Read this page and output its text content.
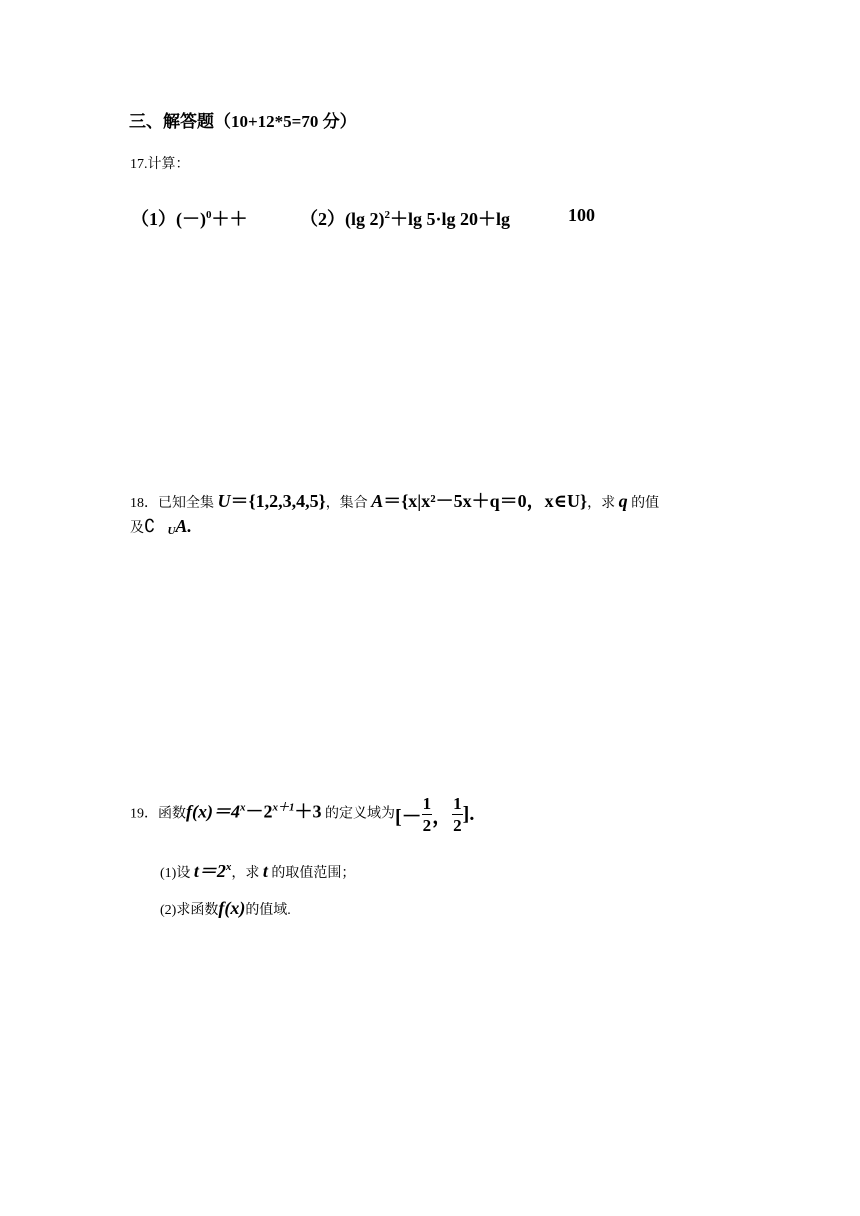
三、解答题（10+12*5=70 分）
17.计算：
$(1)(-)^0++$	（2）(lg 2)$^2$＋lg 5·lg 20＋lg	100
18．已知全集 U＝{1,2,3,4,5}，集合 A＝{x|x²－5x＋q＝0，x∈U}，求 q 的值
及∁ UA.
19．函数$f(x)=4^x-2^{x+1}+3$ 的定义域为[－ $\frac{1}{2}$ ， $\frac{1}{2}$ ].
(1)设 $t=2^x$，求 t 的取值范围；
(2)求函数f(x)的值域.
